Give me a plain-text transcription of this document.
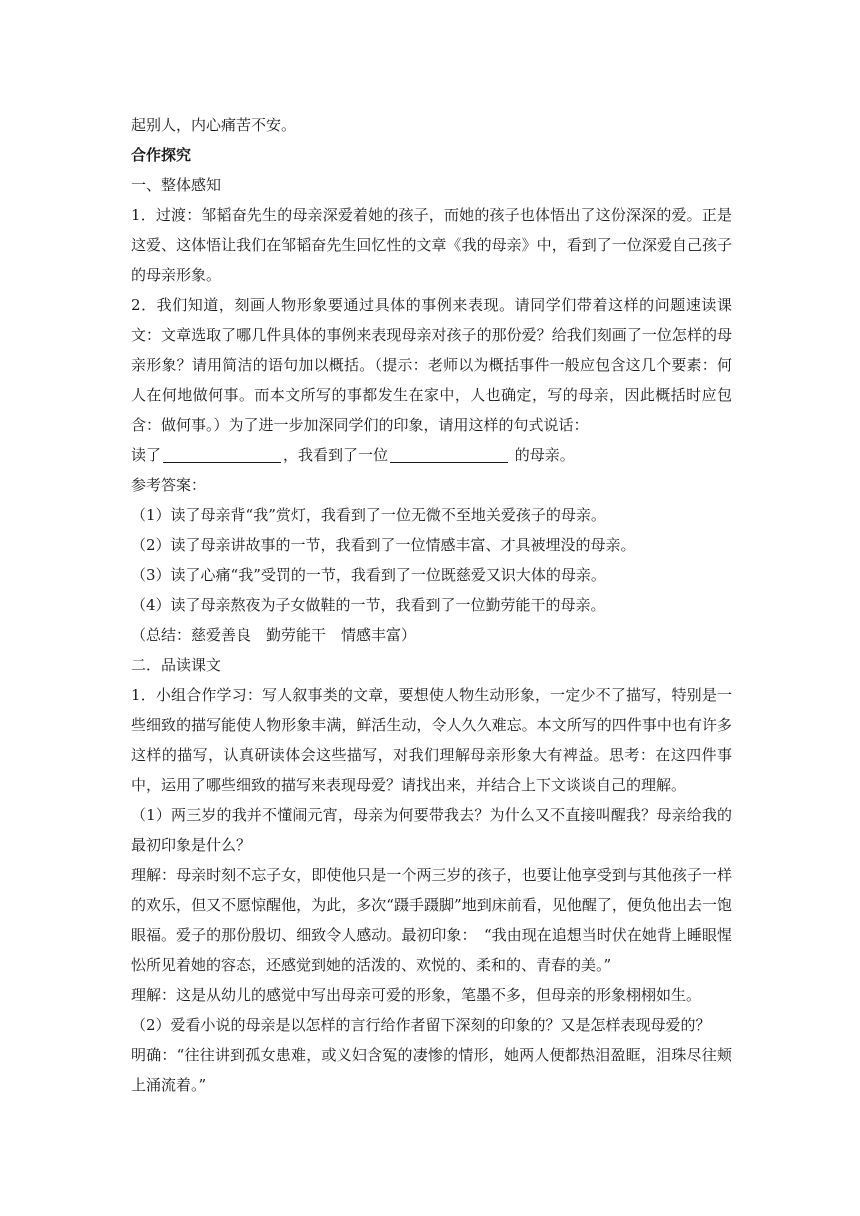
起别人，内心痛苦不安。

合作探究

一、整体感知

1．过渡：邹韬奋先生的母亲深爱着她的孩子，而她的孩子也体悟出了这份深深的爱。正是这爱、这体悟让我们在邹韬奋先生回忆性的文章《我的母亲》中，看到了一位深爱自己孩子的母亲形象。

2．我们知道，刻画人物形象要通过具体的事例来表现。请同学们带着这样的问题速读课文：文章选取了哪几件具体的事例来表现母亲对孩子的那份爱？给我们刻画了一位怎样的母亲形象？请用简洁的语句加以概括。（提示：老师以为概括事件一般应包含这几个要素：何人在何地做何事。而本文所写的事都发生在家中，人也确定，写的母亲，因此概括时应包含：做何事。）为了进一步加深同学们的印象，请用这样的句式说话：

读了	，我看到了一位	的母亲。

参考答案：

（1）读了母亲背“我”赏灯，我看到了一位无微不至地关爱孩子的母亲。

（2）读了母亲讲故事的一节，我看到了一位情感丰富、才具被埋没的母亲。

（3）读了心痛“我”受罚的一节，我看到了一位既慈爱又识大体的母亲。

（4）读了母亲熬夜为子女做鞋的一节，我看到了一位勤劳能干的母亲。

（总结：慈爱善良　勤劳能干　情感丰富）

二．品读课文

1．小组合作学习：写人叙事类的文章，要想使人物生动形象，一定少不了描写，特别是一些细致的描写能使人物形象丰满，鲜活生动，令人久久难忘。本文所写的四件事中也有许多这样的描写，认真研读体会这些描写，对我们理解母亲形象大有裨益。思考：在这四件事中，运用了哪些细致的描写来表现母爱？请找出来，并结合上下文谈谈自己的理解。

（1）两三岁的我并不懂闹元宵，母亲为何要带我去？为什么又不直接叫醒我？母亲给我的最初印象是什么？

理解：母亲时刻不忘子女，即使他只是一个两三岁的孩子，也要让他享受到与其他孩子一样的欢乐，但又不愿惊醒他，为此，多次“蹑手蹑脚”地到床前看，见他醒了，便负他出去一饱眼福。爱子的那份殷切、细致令人感动。最初印象：　“我由现在追想当时伏在她背上睡眼惺忪所见着她的容态，还感觉到她的活泼的、欢悦的、柔和的、青春的美。”

理解：这是从幼儿的感觉中写出母亲可爱的形象，笔墨不多，但母亲的形象栩栩如生。

（2）爱看小说的母亲是以怎样的言行给作者留下深刻的印象的？又是怎样表现母爱的？

明确：“往往讲到孤女患难，或义妇含冤的凄惨的情形，她两人便都热泪盈眶，泪珠尽往颊上涌流着。”
